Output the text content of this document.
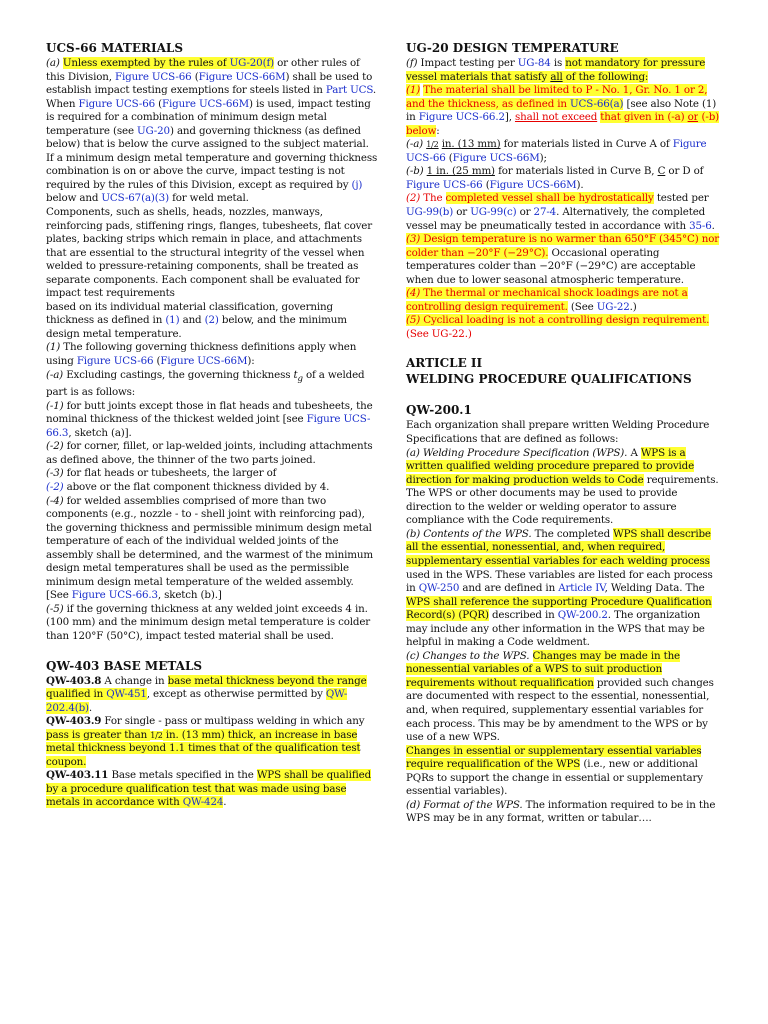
UCS-66 MATERIALS

(a) Unless exempted by the rules of UG-20(f) or other rules of this Division, Figure UCS-66 (Figure UCS-66M) shall be used to establish impact testing exemptions for steels listed in Part UCS. When Figure UCS-66 (Figure UCS-66M) is used, impact testing is required for a combination of minimum design metal temperature (see UG-20) and governing thickness (as defined below) that is below the curve assigned to the subject material. If a minimum design metal temperature and governing thickness combination is on or above the curve, impact testing is not required by the rules of this Division, except as required by (j) below and UCS-67(a)(3) for weld metal.

Components, such as shells, heads, nozzles, manways, reinforcing pads, stiffening rings, flanges, tubesheets, flat cover plates, backing strips which remain in place, and attachments that are essential to the structural integrity of the vessel when welded to pressure-retaining components, shall be treated as separate components. Each component shall be evaluated for impact test requirements

based on its individual material classification, governing thickness as defined in (1) and (2) below, and the minimum design metal temperature.

(1) The following governing thickness definitions apply when using Figure UCS-66 (Figure UCS-66M):

(-a) Excluding castings, the governing thickness $t_g$ of a welded part is as follows:

(-1) for butt joints except those in flat heads and tubesheets, the nominal thickness of the thickest welded joint [see Figure UCS-66.3, sketch (a)].

(-2) for corner, fillet, or lap-welded joints, including attachments as defined above, the thinner of the two parts joined.

(-3) for flat heads or tubesheets, the larger of

(-2) above or the flat component thickness divided by 4.

(-4) for welded assemblies comprised of more than two components (e.g., nozzle - to - shell joint with reinforcing pad), the governing thickness and permissible minimum design metal temperature of each of the individual welded joints of the assembly shall be determined, and the warmest of the minimum design metal temperatures shall be used as the permissible minimum design metal temperature of the welded assembly. [See Figure UCS-66.3, sketch (b).]

(-5) if the governing thickness at any welded joint exceeds 4 in. (100 mm) and the minimum design metal temperature is colder than 120°F (50°C), impact tested material shall be used.

QW-403 BASE METALS

QW-403.8 A change in base metal thickness beyond the range qualified in QW-451, except as otherwise permitted by QW-202.4(b).

QW-403.9 For single - pass or multipass welding in which any pass is greater than 1/2 in. (13 mm) thick, an increase in base metal thickness beyond 1.1 times that of the qualification test coupon.

QW-403.11 Base metals specified in the WPS shall be qualified by a procedure qualification test that was made using base metals in accordance with QW-424.

UG-20 DESIGN TEMPERATURE

(f) Impact testing per UG-84 is not mandatory for pressure vessel materials that satisfy all of the following:

(1) The material shall be limited to P - No. 1, Gr. No. 1 or 2, and the thickness, as defined in UCS-66(a) [see also Note (1) in Figure UCS-66.2], shall not exceed that given in (-a) or (-b) below:

(-a) 1/2 in. (13 mm) for materials listed in Curve A of Figure UCS-66 (Figure UCS-66M);

(-b) 1 in. (25 mm) for materials listed in Curve B, C or D of Figure UCS-66 (Figure UCS-66M).

(2) The completed vessel shall be hydrostatically tested per UG-99(b) or UG-99(c) or 27-4. Alternatively, the completed vessel may be pneumatically tested in accordance with 35-6.

(3) Design temperature is no warmer than 650°F (345°C) nor colder than −20°F (−29°C). Occasional operating temperatures colder than −20°F (−29°C) are acceptable when due to lower seasonal atmospheric temperature.

(4) The thermal or mechanical shock loadings are not a controlling design requirement. (See UG-22.)

(5) Cyclical loading is not a controlling design requirement. (See UG-22.)

ARTICLE II
WELDING PROCEDURE QUALIFICATIONS
QW-200.1

Each organization shall prepare written Welding Procedure Specifications that are defined as follows:

(a) Welding Procedure Specification (WPS). A WPS is a written qualified welding procedure prepared to provide direction for making production welds to Code requirements. The WPS or other documents may be used to provide direction to the welder or welding operator to assure compliance with the Code requirements.

(b) Contents of the WPS. The completed WPS shall describe all the essential, nonessential, and, when required, supplementary essential variables for each welding process used in the WPS. These variables are listed for each process in QW-250 and are defined in Article IV, Welding Data. The WPS shall reference the supporting Procedure Qualification Record(s) (PQR) described in QW-200.2. The organization may include any other information in the WPS that may be helpful in making a Code weldment.

(c) Changes to the WPS. Changes may be made in the nonessential variables of a WPS to suit production requirements without requalification provided such changes are documented with respect to the essential, nonessential, and, when required, supplementary essential variables for each process. This may be by amendment to the WPS or by use of a new WPS.

Changes in essential or supplementary essential variables require requalification of the WPS (i.e., new or additional PQRs to support the change in essential or supplementary essential variables).

(d) Format of the WPS. The information required to be in the WPS may be in any format, written or tabular….
